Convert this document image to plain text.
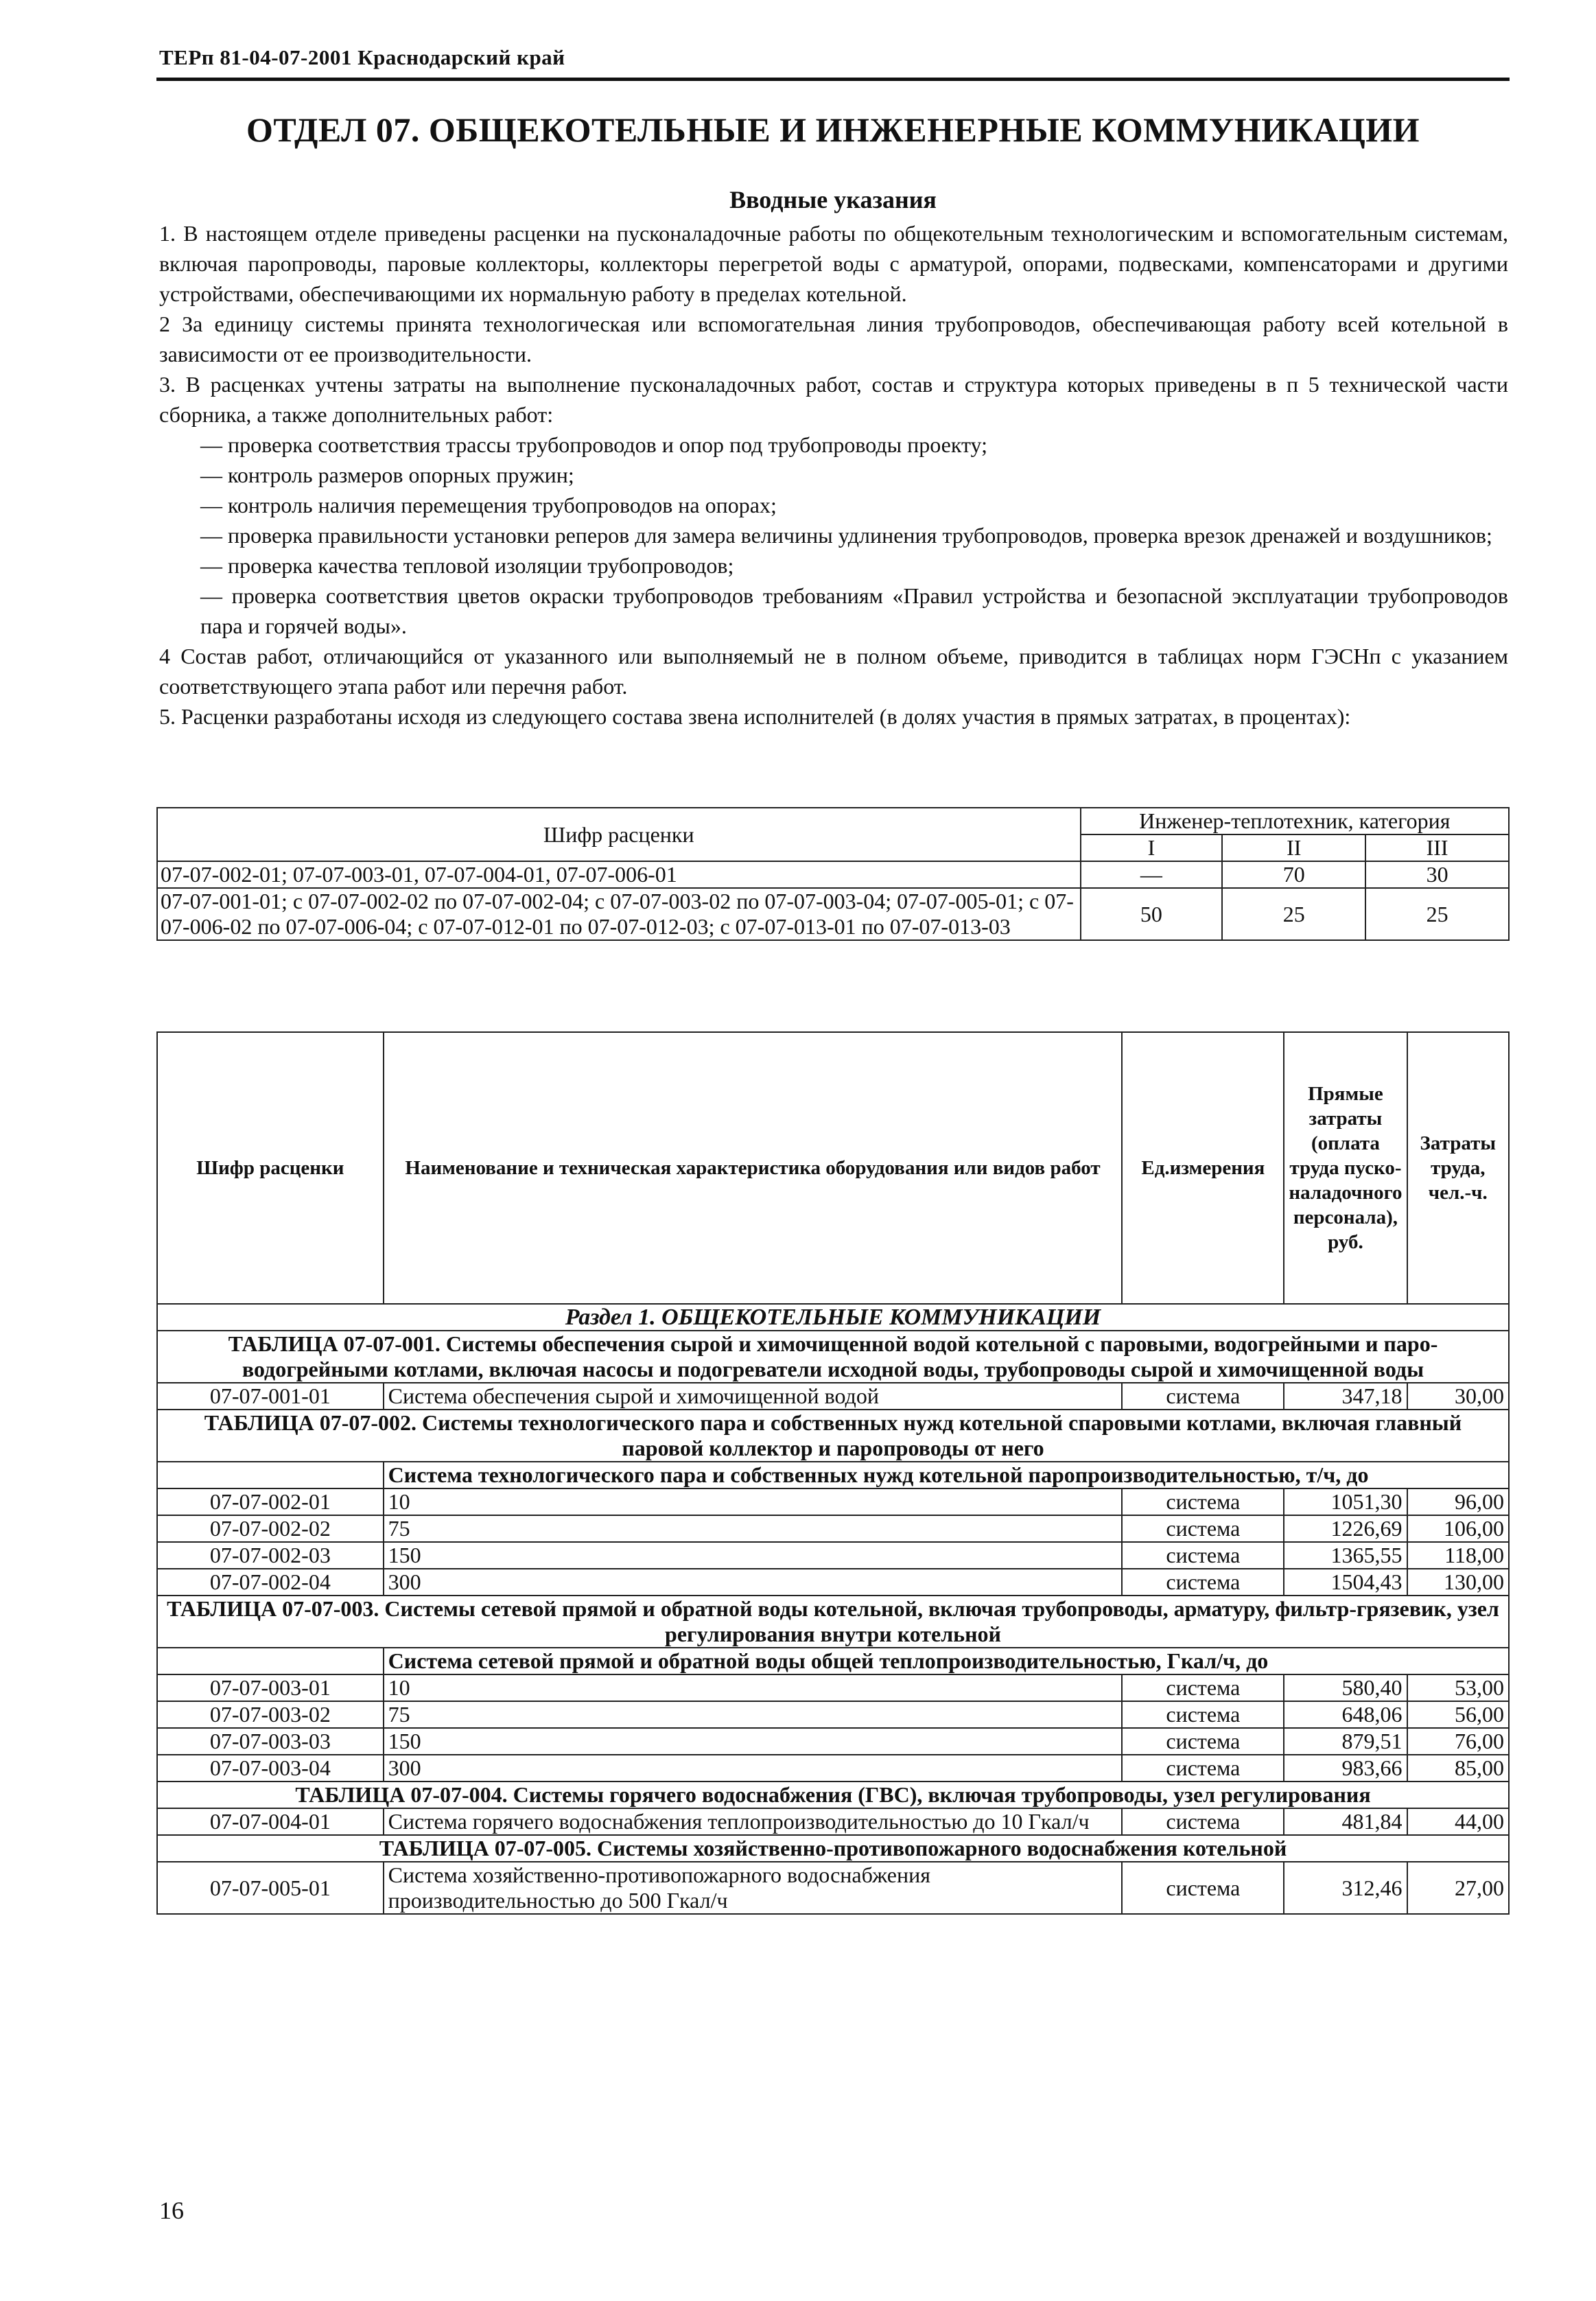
ТЕРп 81-04-07-2001 Краснодарский край
ОТДЕЛ 07. ОБЩЕКОТЕЛЬНЫЕ И ИНЖЕНЕРНЫЕ КОММУНИКАЦИИ
Вводные указания

1. В настоящем отделе приведены расценки на пусконаладочные работы по общекотельным технологическим и вспомогательным системам, включая паропроводы, паровые коллекторы, коллекторы перегретой воды с арматурой, опорами, подвесками, компенсаторами и другими устройствами, обеспечивающими их нормальную работу в пределах котельной.

2 За единицу системы принята технологическая или вспомогательная линия трубопроводов, обеспечивающая работу всей котельной в зависимости от ее производительности.

3. В расценках учтены затраты на выполнение пусконаладочных работ, состав и структура которых приведены в п 5 технической части сборника, а также дополнительных работ:

— проверка соответствия трассы трубопроводов и опор под трубопроводы проекту;

— контроль размеров опорных пружин;

— контроль наличия перемещения трубопроводов на опорах;

— проверка правильности установки реперов для замера величины удлинения трубопроводов, проверка врезок дренажей и воздушников;

— проверка качества тепловой изоляции трубопроводов;

— проверка соответствия цветов окраски трубопроводов требованиям «Правил устройства и безопасной эксплуатации трубопроводов пара и горячей воды».

4 Состав работ, отличающийся от указанного или выполняемый не в полном объеме, приводится в таблицах норм ГЭСНп с указанием соответствующего этапа работ или перечня работ.

5. Расценки разработаны исходя из следующего состава звена исполнителей (в долях участия в прямых затратах, в процентах):

Шифр расценки	Инженер-теплотехник, категория		
	I	II	III
07-07-002-01; 07-07-003-01, 07-07-004-01, 07-07-006-01	—	70	30
07-07-001-01; с 07-07-002-02 по 07-07-002-04; с 07-07-003-02 по 07-07-003-04; 07-07-005-01; с 07-07-006-02 по 07-07-006-04; с 07-07-012-01 по 07-07-012-03; с 07-07-013-01 по 07-07-013-03	50	25	25
Шифр расценки	Наименование и техническая характеристика оборудования или видов работ	Ед.измерения	Прямые затраты (оплата труда пуско-наладочного персонала), руб.	Затраты труда, чел.-ч.
Раздел 1. ОБЩЕКОТЕЛЬНЫЕ КОММУНИКАЦИИ				
ТАБЛИЦА 07-07-001. Системы обеспечения сырой и химочищенной водой котельной с паровыми, водогрейными и паро-водогрейными котлами, включая насосы и подогреватели исходной воды, трубопроводы сырой и химочищенной воды				
07-07-001-01	Система обеспечения сырой и химочищенной водой	система	347,18	30,00
ТАБЛИЦА 07-07-002. Системы технологического пара и собственных нужд котельной спаровыми котлами, включая главный паровой коллектор и паропроводы от него				
	Система технологического пара и собственных нужд котельной паропроизводительностью, т/ч, до			
07-07-002-01	10	система	1051,30	96,00
07-07-002-02	75	система	1226,69	106,00
07-07-002-03	150	система	1365,55	118,00
07-07-002-04	300	система	1504,43	130,00
ТАБЛИЦА 07-07-003. Системы сетевой прямой и обратной воды котельной, включая трубопроводы, арматуру, фильтр-грязевик, узел регулирования внутри котельной				
	Система сетевой прямой и обратной воды общей теплопроизводительностью, Гкал/ч, до			
07-07-003-01	10	система	580,40	53,00
07-07-003-02	75	система	648,06	56,00
07-07-003-03	150	система	879,51	76,00
07-07-003-04	300	система	983,66	85,00
ТАБЛИЦА 07-07-004. Системы горячего водоснабжения (ГВС), включая трубопроводы, узел регулирования				
07-07-004-01	Система горячего водоснабжения теплопроизводительностью до 10 Гкал/ч	система	481,84	44,00
ТАБЛИЦА 07-07-005. Системы хозяйственно-противопожарного водоснабжения котельной				
07-07-005-01	Система хозяйственно-противопожарного водоснабжения производительностью до 500 Гкал/ч	система	312,46	27,00
16
